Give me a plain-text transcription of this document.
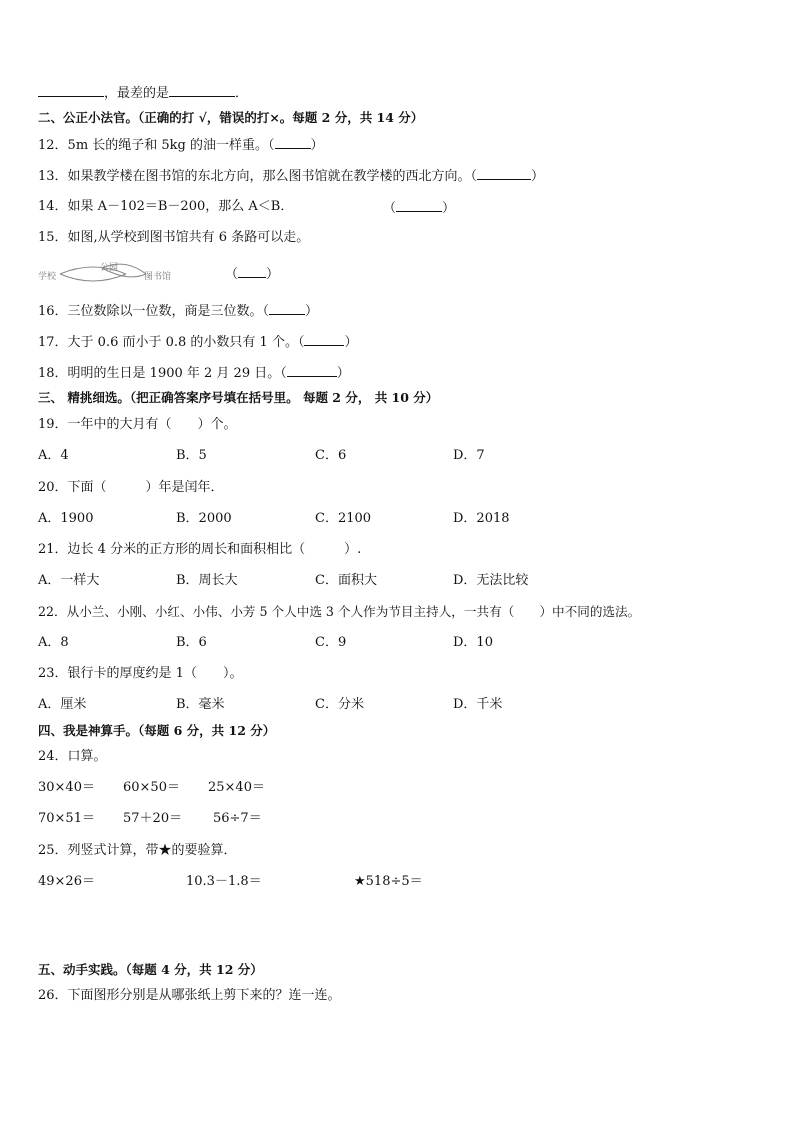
，最差的是	．
二、公正小法官。（正确的打 √，错误的打×。每题 2 分，共 14 分）
12．5m 长的绳子和 5kg 的油一样重。（	）
13．如果教学楼在图书馆的东北方向，那么图书馆就在教学楼的西北方向。（	）
14．如果 A－102＝B－200，那么 A＜B．	（	）
15．如图,从学校到图书馆共有 6 条路可以走。
学校
公园
图书馆	（ ）
16．三位数除以一位数，商是三位数。（	）
17．大于 0.6 而小于 0.8 的小数只有 1 个。（	）
18．明明的生日是 1900 年 2 月 29 日。（	）
三、 精挑细选。（把正确答案序号填在括号里。 每题 2 分， 共 10 分）
19．一年中的大月有（　　）个。
A．4	B．5	C．6	D．7
20．下面（　　　）年是闰年．
A．1900	B．2000	C．2100	D．2018
21．边长 4 分米的正方形的周长和面积相比（　　　）.
A．一样大	B．周长大	C．面积大	D．无法比较
22．从小兰、小刚、小红、小伟、小芳 5 个人中选 3 个人作为节目主持人，一共有（　　）中不同的选法。
A．8	B．6	C．9	D．10
23．银行卡的厚度约是 1（　　）。
A．厘米	B．毫米	C．分米	D．千米
四、我是神算手。（每题 6 分，共 12 分）
24．口算。
30×40＝ 60×50＝ 25×40＝
70×51＝ 57＋20＝ 56÷7＝
25．列竖式计算，带★的要验算．
49×26＝	10.3－1.8＝	★518÷5＝
五、动手实践。（每题 4 分，共 12 分）
26．下面图形分别是从哪张纸上剪下来的？连一连。
